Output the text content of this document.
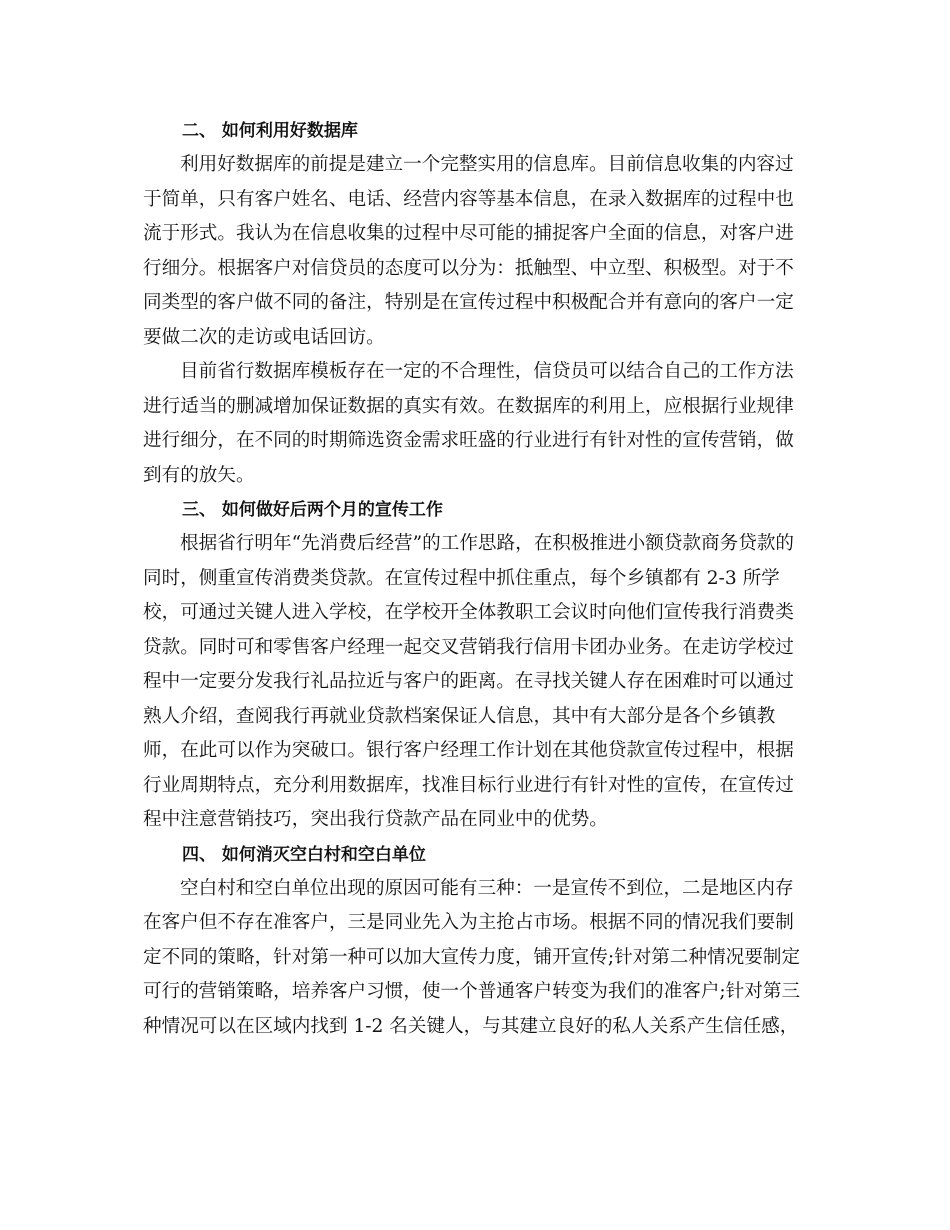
二、 如何利用好数据库
利用好数据库的前提是建立一个完整实用的信息库。目前信息收集的内容过
于简单，只有客户姓名、电话、经营内容等基本信息，在录入数据库的过程中也
流于形式。我认为在信息收集的过程中尽可能的捕捉客户全面的信息，对客户进
行细分。根据客户对信贷员的态度可以分为：抵触型、中立型、积极型。对于不
同类型的客户做不同的备注，特别是在宣传过程中积极配合并有意向的客户一定
要做二次的走访或电话回访。
目前省行数据库模板存在一定的不合理性，信贷员可以结合自己的工作方法
进行适当的删减增加保证数据的真实有效。在数据库的利用上，应根据行业规律
进行细分，在不同的时期筛选资金需求旺盛的行业进行有针对性的宣传营销，做
到有的放矢。
三、 如何做好后两个月的宣传工作
根据省行明年“先消费后经营”的工作思路，在积极推进小额贷款商务贷款的
同时，侧重宣传消费类贷款。在宣传过程中抓住重点，每个乡镇都有 2-3 所学
校，可通过关键人进入学校，在学校开全体教职工会议时向他们宣传我行消费类
贷款。同时可和零售客户经理一起交叉营销我行信用卡团办业务。在走访学校过
程中一定要分发我行礼品拉近与客户的距离。在寻找关键人存在困难时可以通过
熟人介绍，查阅我行再就业贷款档案保证人信息，其中有大部分是各个乡镇教
师，在此可以作为突破口。银行客户经理工作计划在其他贷款宣传过程中，根据
行业周期特点，充分利用数据库，找准目标行业进行有针对性的宣传，在宣传过
程中注意营销技巧，突出我行贷款产品在同业中的优势。
四、 如何消灭空白村和空白单位
空白村和空白单位出现的原因可能有三种：一是宣传不到位，二是地区内存
在客户但不存在准客户，三是同业先入为主抢占市场。根据不同的情况我们要制
定不同的策略，针对第一种可以加大宣传力度，铺开宣传;针对第二种情况要制定
可行的营销策略，培养客户习惯，使一个普通客户转变为我们的准客户;针对第三
种情况可以在区域内找到 1-2 名关键人，与其建立良好的私人关系产生信任感，
